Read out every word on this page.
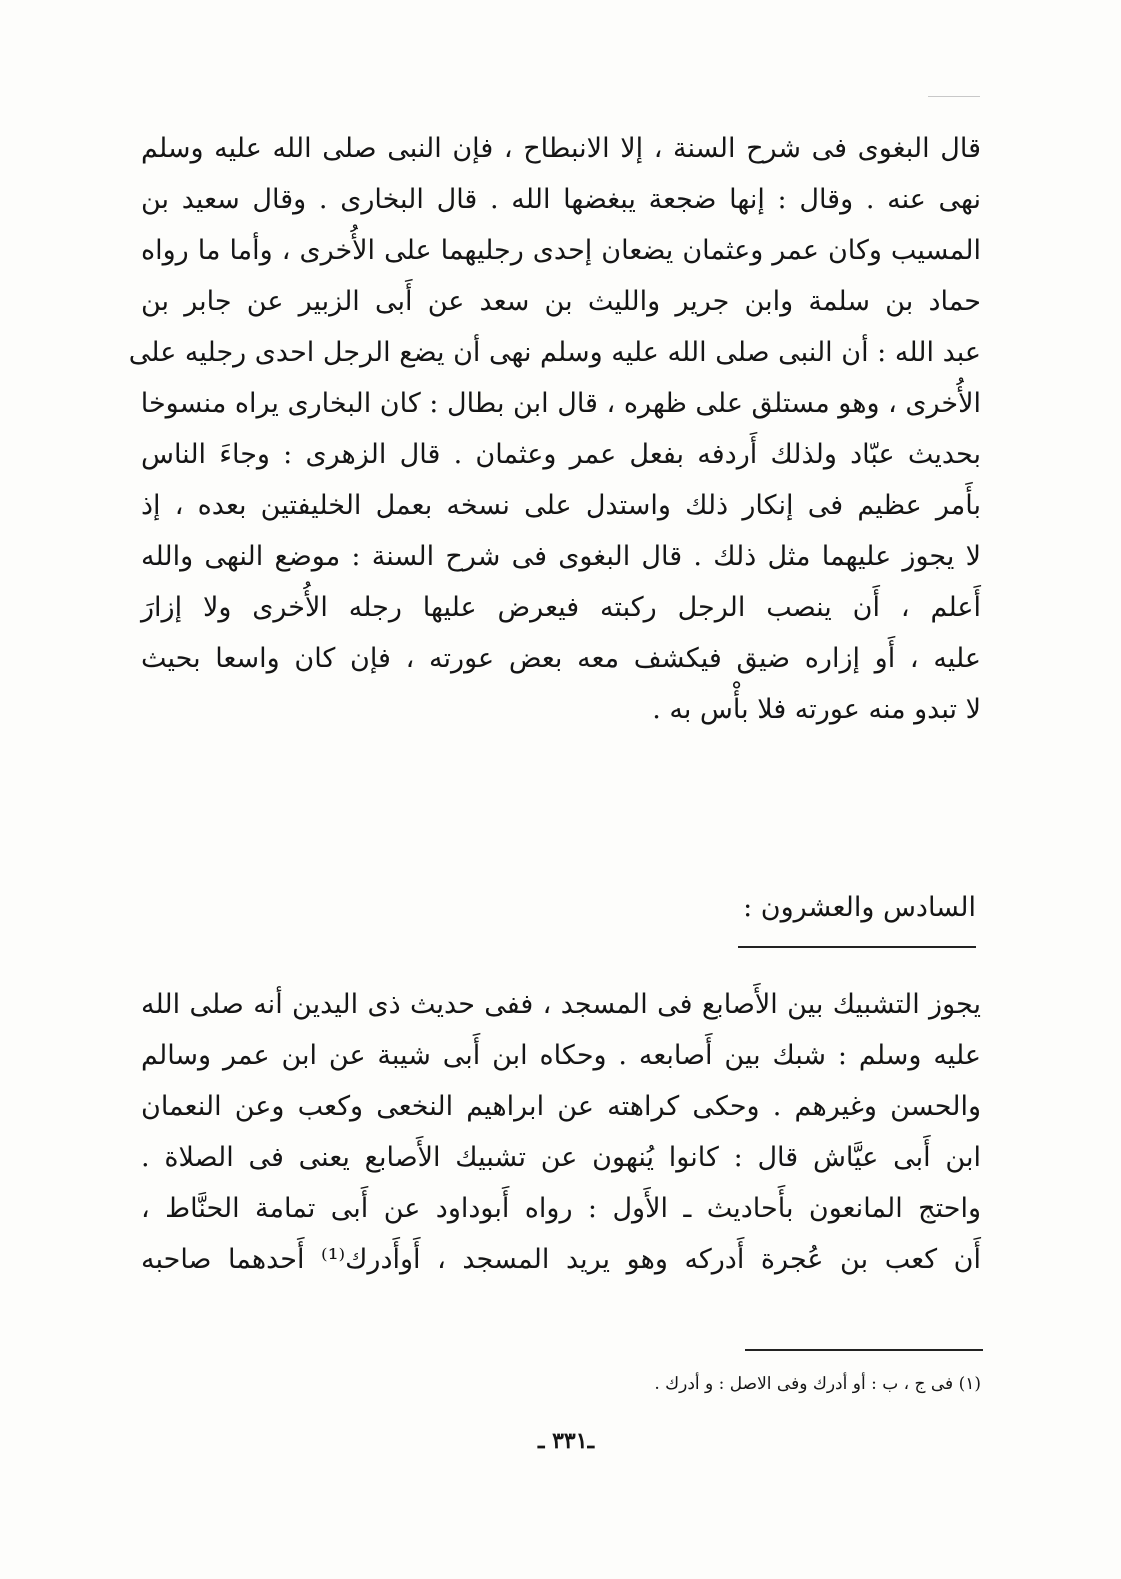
قال البغوى فى شرح السنة ، إلا الانبطاح ، فإن النبى صلى الله عليه وسلم
نهى عنه . وقال : إنها ضجعة يبغضها الله . قال البخارى . وقال سعيد بن
المسيب وكان عمر وعثمان يضعان إحدى رجليهما على الأُخرى ، وأما ما رواه
حماد بن سلمة وابن جرير والليث بن سعد عن أَبى الزبير عن جابر بن
عبد الله : أن النبى صلى الله عليه وسلم نهى أن يضع الرجل احدى رجليه على
الأُخرى ، وهو مستلق على ظهره ، قال ابن بطال : كان البخارى يراه منسوخا
بحديث عبّاد ولذلك أَردفه بفعل عمر وعثمان . قال الزهرى : وجاءَ الناس
بأَمر عظيم فى إنكار ذلك واستدل على نسخه بعمل الخليفتين بعده ، إذ
لا يجوز عليهما مثل ذلك . قال البغوى فى شرح السنة : موضع النهى والله
أَعلم ، أَن ينصب الرجل ركبته فيعرض عليها رجله الأُخرى ولا إزارَ
عليه ، أَو إزاره ضيق فيكشف معه بعض عورته ، فإن كان واسعا بحيث
لا تبدو منه عورته فلا بأْس به .
السادس والعشرون :
يجوز التشبيك بين الأَصابع فى المسجد ، ففى حديث ذى اليدين أنه صلى الله
عليه وسلم : شبك بين أَصابعه . وحكاه ابن أَبى شيبة عن ابن عمر وسالم
والحسن وغيرهم . وحكى كراهته عن ابراهيم النخعى وكعب وعن النعمان
ابن أَبى عيَّاش قال : كانوا يُنهون عن تشبيك الأَصابع يعنى فى الصلاة .
واحتج المانعون بأَحاديث ـ الأَول : رواه أَبوداود عن أَبى تمامة الحنَّاط ،
أَن كعب بن عُجرة أَدركه وهو يريد المسجد ، أَوأَدرك⁽¹⁾ أَحدهما صاحبه
(١) فى ج ، ب : أو أدرك وفى الاصل : و أدرك .
ـ٣٣١ ـ
